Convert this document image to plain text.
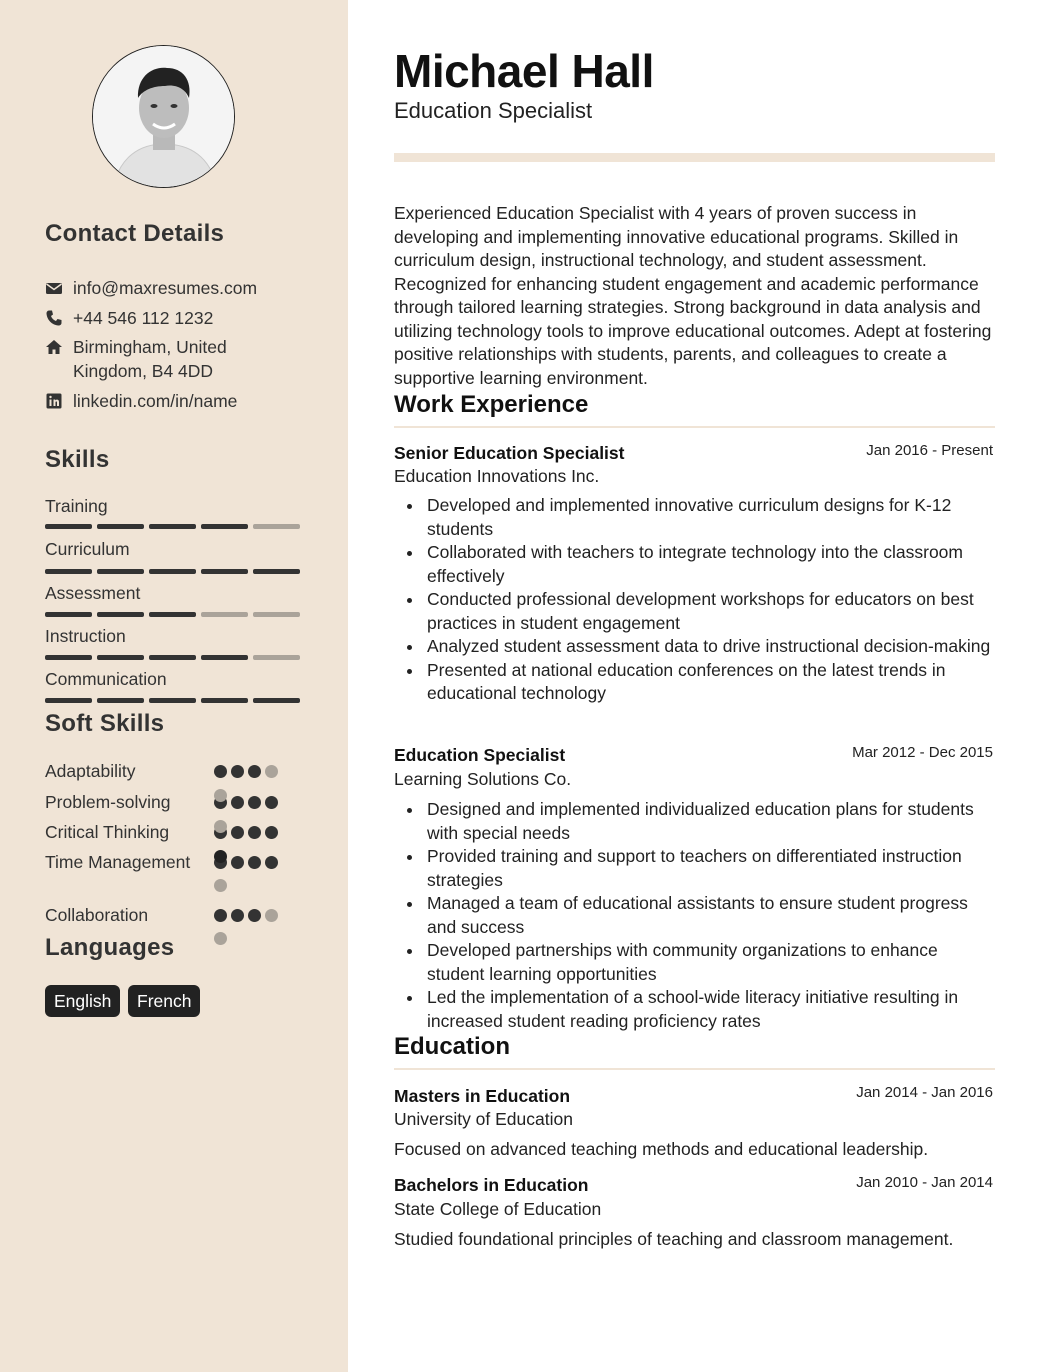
Contact Details
info@maxresumes.com
+44 546 112 1232
Birmingham, United Kingdom, B4 4DD
linkedin.com/in/name
Skills
Training
Curriculum
Assessment
Instruction
Communication
Soft Skills
Adaptability
Problem-solving
Critical Thinking
Time Management
Collaboration
Languages
English	French
Michael Hall
Education Specialist

Experienced Education Specialist with 4 years of proven success in developing and implementing innovative educational programs. Skilled in curriculum design, instructional technology, and student assessment. Recognized for enhancing student engagement and academic performance through tailored learning strategies. Strong background in data analysis and utilizing technology tools to improve educational outcomes. Adept at fostering positive relationships with students, parents, and colleagues to create a supportive learning environment.

Work Experience
Senior Education Specialist	Jan 2016 - Present
Education Innovations Inc.
Developed and implemented innovative curriculum designs for K-12 students
Collaborated with teachers to integrate technology into the classroom effectively
Conducted professional development workshops for educators on best practices in student engagement
Analyzed student assessment data to drive instructional decision-making
Presented at national education conferences on the latest trends in educational technology
Education Specialist	Mar 2012 - Dec 2015
Learning Solutions Co.
Designed and implemented individualized education plans for students with special needs
Provided training and support to teachers on differentiated instruction strategies
Managed a team of educational assistants to ensure student progress and success
Developed partnerships with community organizations to enhance student learning opportunities
Led the implementation of a school-wide literacy initiative resulting in increased student reading proficiency rates
Education
Masters in Education	Jan 2014 - Jan 2016
University of Education
Focused on advanced teaching methods and educational leadership.
Bachelors in Education	Jan 2010 - Jan 2014
State College of Education
Studied foundational principles of teaching and classroom management.
